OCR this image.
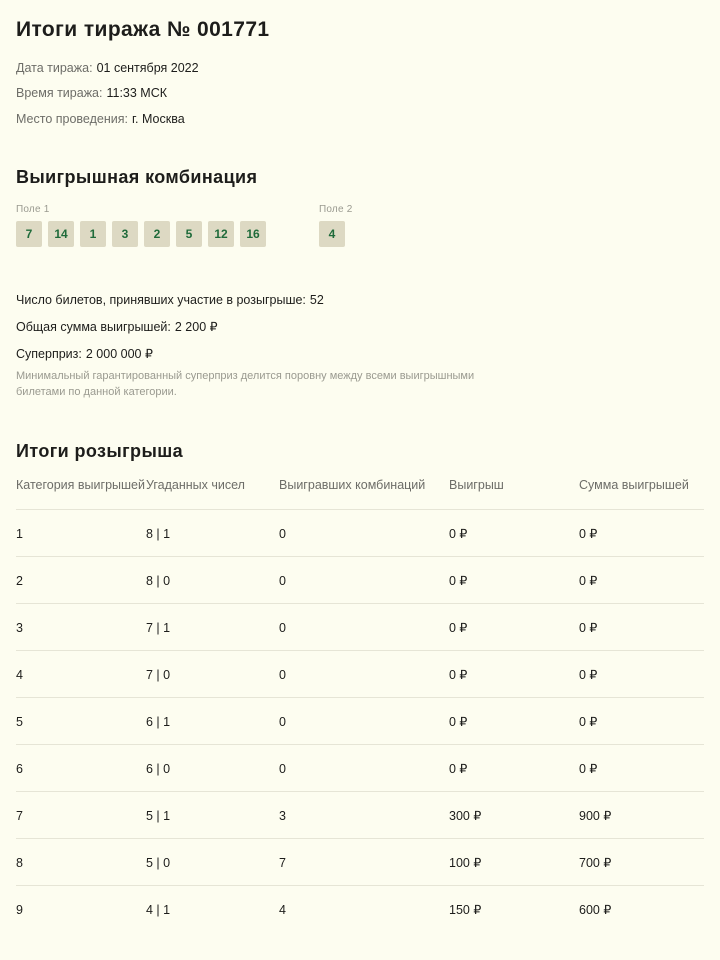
Итоги тиража № 001771
Дата тиража: 01 сентября 2022
Время тиража: 11:33 МСК
Место проведения: г. Москва
Выигрышная комбинация
Поле 1
7	14	1	3	2	5	12	16
Поле 2
4
Число билетов, принявших участие в розыгрыше: 52
Общая сумма выигрышей: 2 200 ₽
Суперприз: 2 000 000 ₽
Минимальный гарантированный суперприз делится поровну между всеми выигрышными билетами по данной категории.
Итоги розыгрыша
Категория выигрышей	Угаданных чисел	Выигравших комбинаций	Выигрыш	Сумма выигрышей
1	8 | 1	0	0 ₽	0 ₽
2	8 | 0	0	0 ₽	0 ₽
3	7 | 1	0	0 ₽	0 ₽
4	7 | 0	0	0 ₽	0 ₽
5	6 | 1	0	0 ₽	0 ₽
6	6 | 0	0	0 ₽	0 ₽
7	5 | 1	3	300 ₽	900 ₽
8	5 | 0	7	100 ₽	700 ₽
9	4 | 1	4	150 ₽	600 ₽
